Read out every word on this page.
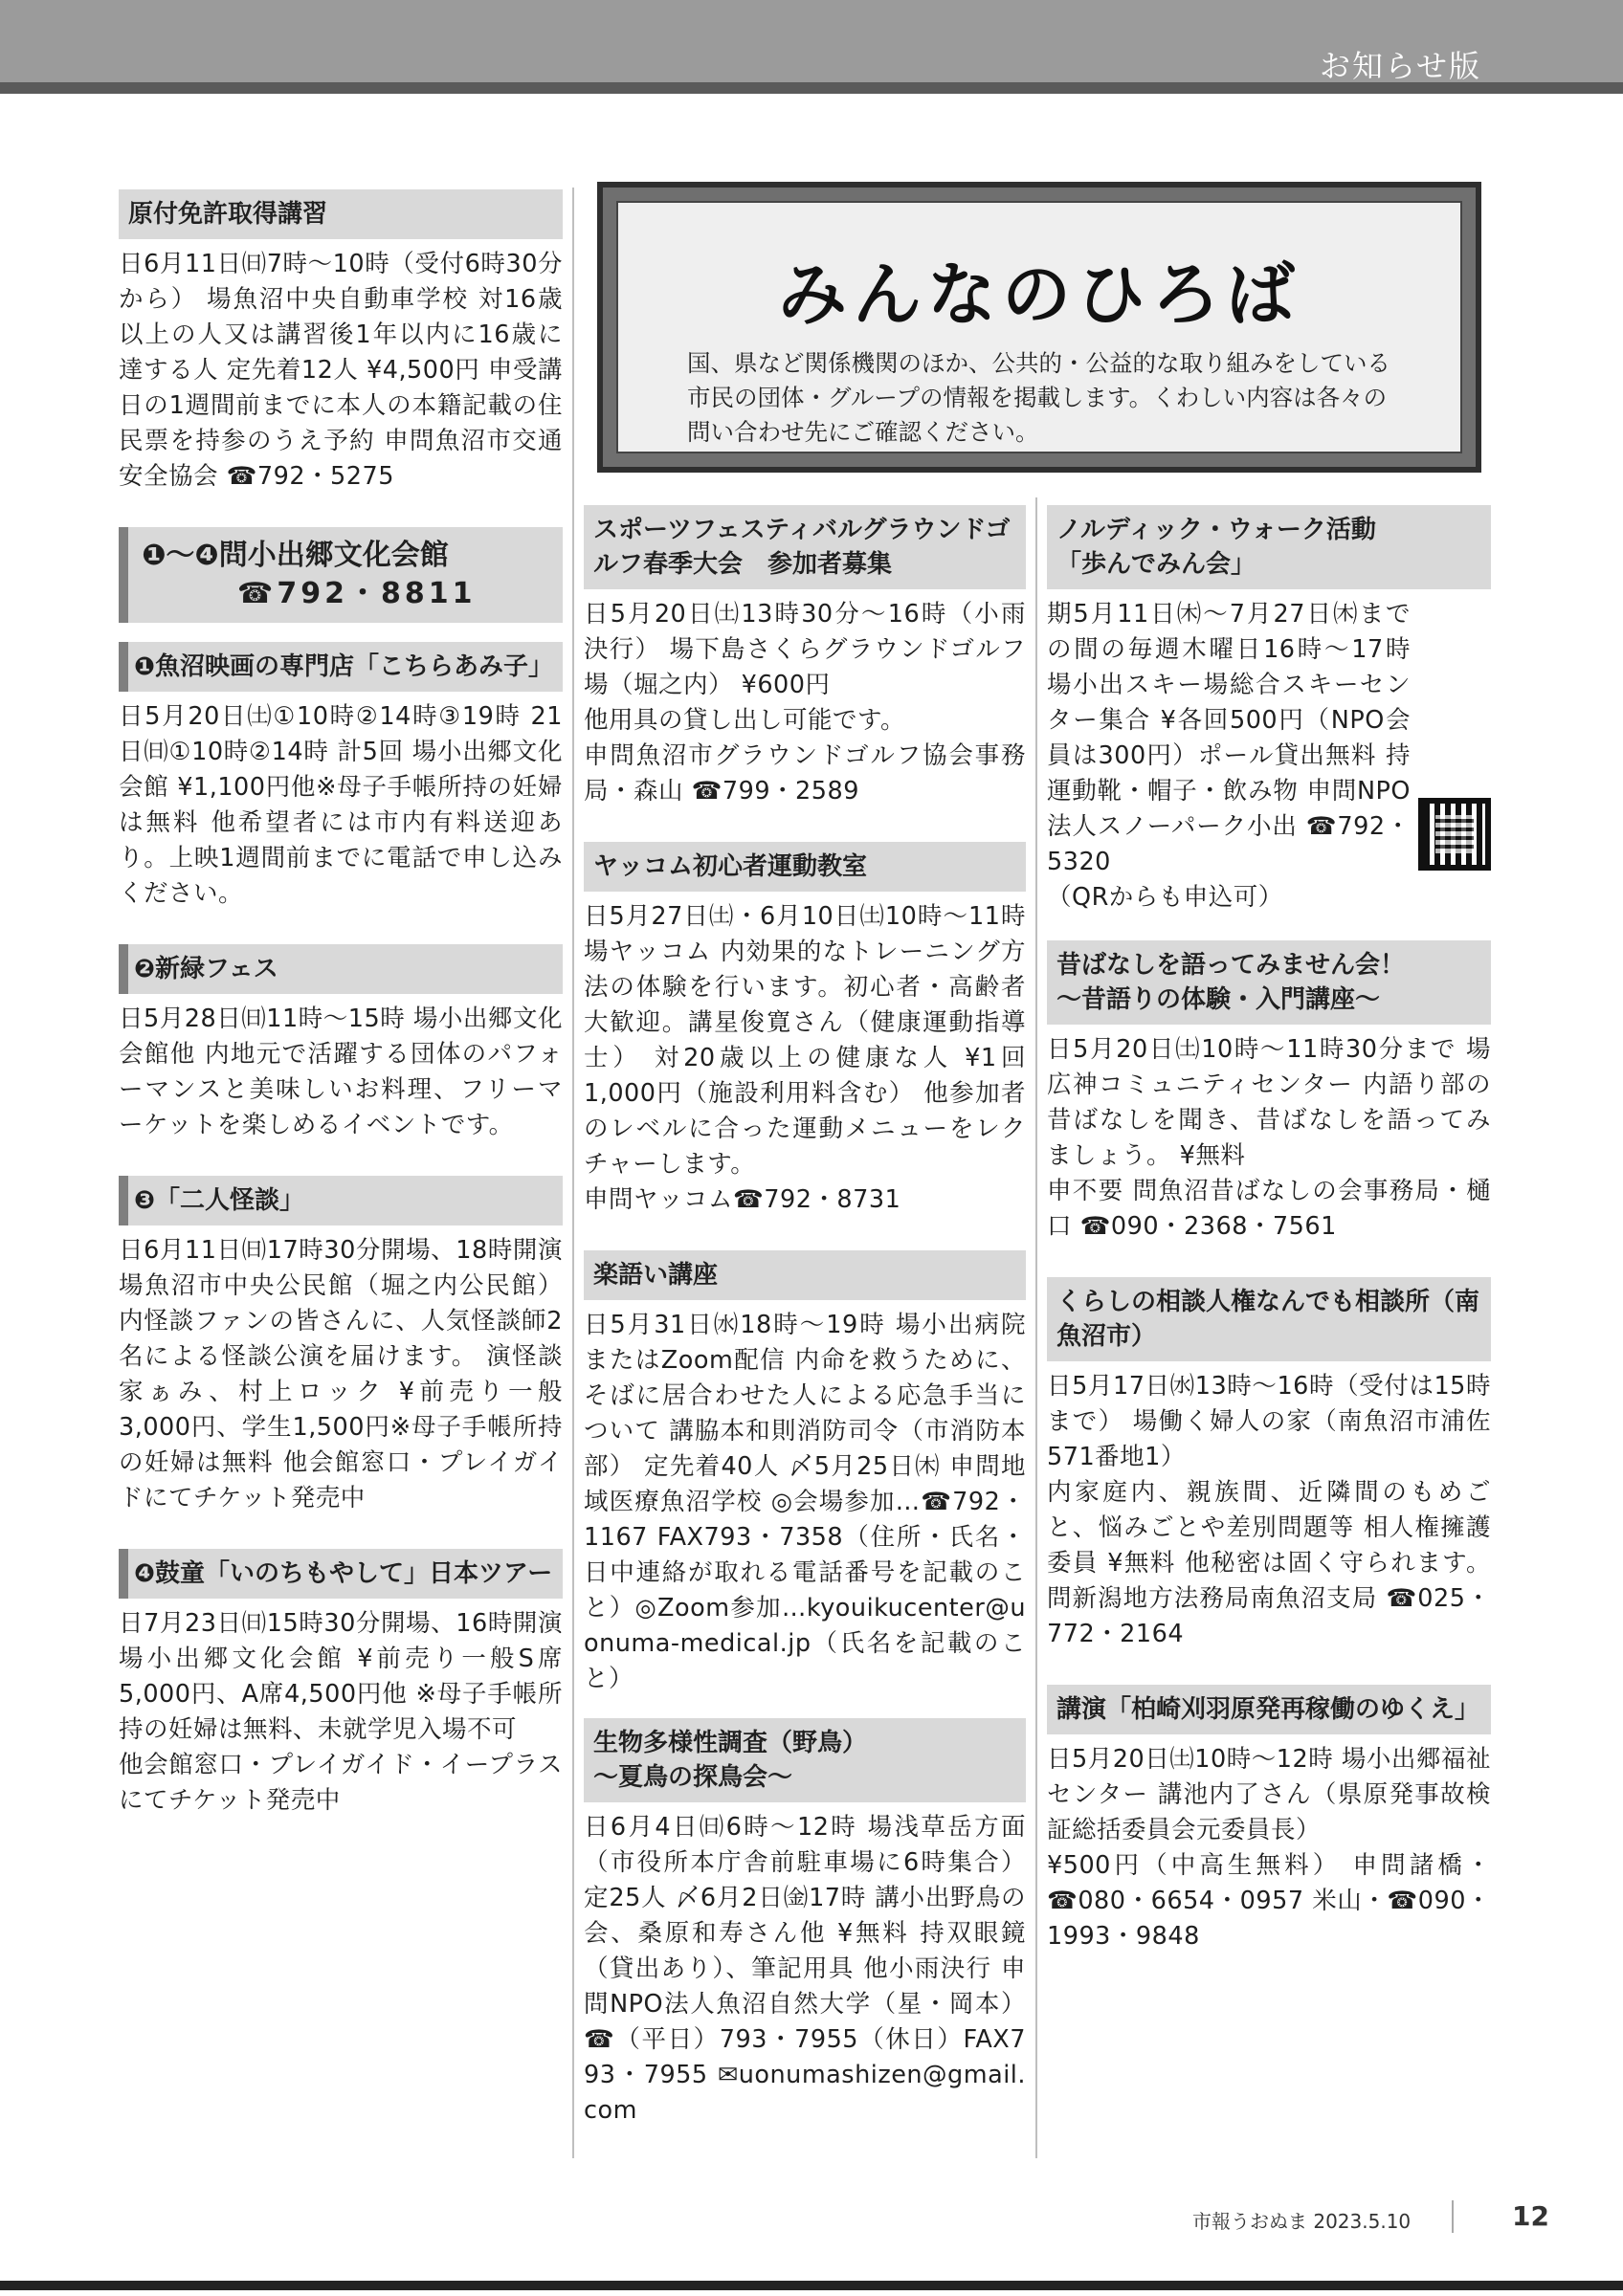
お知らせ版
原付免許取得講習
日6月11日㈰7時～10時（受付6時30分から） 場魚沼中央自動車学校 対16歳以上の人又は講習後1年以内に16歳に達する人 定先着12人 ¥4,500円 申受講日の1週間前までに本人の本籍記載の住民票を持参のうえ予約 申問魚沼市交通安全協会 ☎792・5275
❶～❹問小出郷文化会館
☎792・8811
❶魚沼映画の専門店「こちらあみ子」
日5月20日㈯①10時②14時③19時 21日㈰①10時②14時 計5回 場小出郷文化会館 ¥1,100円他※母子手帳所持の妊婦は無料 他希望者には市内有料送迎あり。上映1週間前までに電話で申し込みください。
❷新緑フェス
日5月28日㈰11時～15時 場小出郷文化会館他 内地元で活躍する団体のパフォーマンスと美味しいお料理、フリーマーケットを楽しめるイベントです。
❸「二人怪談」
日6月11日㈰17時30分開場、18時開演 場魚沼市中央公民館（堀之内公民館） 内怪談ファンの皆さんに、人気怪談師2名による怪談公演を届けます。 演怪談家ぁみ、村上ロック ¥前売り一般3,000円、学生1,500円※母子手帳所持の妊婦は無料 他会館窓口・プレイガイドにてチケット発売中
❹鼓童「いのちもやして」日本ツアー
日7月23日㈰15時30分開場、16時開演 場小出郷文化会館 ¥前売り一般S席5,000円、A席4,500円他 ※母子手帳所持の妊婦は無料、未就学児入場不可
他会館窓口・プレイガイド・イープラスにてチケット発売中
みんなのひろば
国、県など関係機関のほか、公共的・公益的な取り組みをしている市民の団体・グループの情報を掲載します。くわしい内容は各々の問い合わせ先にご確認ください。
スポーツフェスティバルグラウンドゴルフ春季大会　参加者募集
日5月20日㈯13時30分～16時（小雨決行） 場下島さくらグラウンドゴルフ場（堀之内） ¥600円
他用具の貸し出し可能です。
申問魚沼市グラウンドゴルフ協会事務局・森山 ☎799・2589
ヤッコム初心者運動教室
日5月27日㈯・6月10日㈯10時～11時 場ヤッコム 内効果的なトレーニング方法の体験を行います。初心者・高齢者大歓迎。講星俊寛さん（健康運動指導士） 対20歳以上の健康な人 ¥1回1,000円（施設利用料含む） 他参加者のレベルに合った運動メニューをレクチャーします。
申問ヤッコム☎792・8731
楽語い講座
日5月31日㈬18時～19時 場小出病院またはZoom配信 内命を救うために、そばに居合わせた人による応急手当について 講脇本和則消防司令（市消防本部） 定先着40人 〆5月25日㈭ 申問地域医療魚沼学校 ◎会場参加…☎792・1167 FAX793・7358（住所・氏名・日中連絡が取れる電話番号を記載のこと）◎Zoom参加…kyouikucenter@uonuma-medical.jp（氏名を記載のこと）
生物多様性調査（野鳥）
～夏鳥の探鳥会～
日6月4日㈰6時～12時 場浅草岳方面（市役所本庁舎前駐車場に6時集合） 定25人 〆6月2日㈮17時 講小出野鳥の会、桑原和寿さん他 ¥無料 持双眼鏡（貸出あり）、筆記用具 他小雨決行 申問NPO法人魚沼自然大学（星・岡本） ☎（平日）793・7955（休日）FAX793・7955 ✉uonumashizen@gmail.com
ノルディック・ウォーク活動
「歩んでみん会」
期5月11日㈭～7月27日㈭までの間の毎週木曜日16時～17時 場小出スキー場総合スキーセンター集合 ¥各回500円（NPO会員は300円）ポール貸出無料 持運動靴・帽子・飲み物 申問NPO法人スノーパーク小出 ☎792・5320
（QRからも申込可）
昔ばなしを語ってみません会！
～昔語りの体験・入門講座～
日5月20日㈯10時～11時30分まで 場広神コミュニティセンター 内語り部の昔ばなしを聞き、昔ばなしを語ってみましょう。 ¥無料
申不要 問魚沼昔ばなしの会事務局・樋口 ☎090・2368・7561
くらしの相談人権なんでも相談所（南魚沼市）
日5月17日㈬13時～16時（受付は15時まで） 場働く婦人の家（南魚沼市浦佐571番地1）
内家庭内、親族間、近隣間のもめごと、悩みごとや差別問題等 相人権擁護委員 ¥無料 他秘密は固く守られます。 問新潟地方法務局南魚沼支局 ☎025・772・2164
講演「柏崎刈羽原発再稼働のゆくえ」
日5月20日㈯10時～12時 場小出郷福祉センター 講池内了さん（県原発事故検証総括委員会元委員長）
¥500円（中高生無料） 申問諸橋・☎080・6654・0957 米山・☎090・1993・9848
市報うおぬま 2023.5.10	12
